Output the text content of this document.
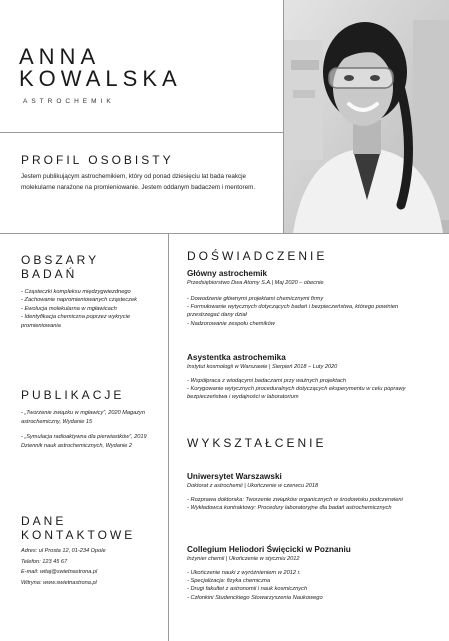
ANNA
KOWALSKA
ASTROCHEMIK
PROFIL OSOBISTY
Jestem publikującym astrochemikiem, który od ponad dziesięciu lat bada reakcje molekularne narażone na promieniowanie. Jestem oddanym badaczem i mentorem.
OBSZARY
BADAŃ
- Cząsteczki kompleksu międzygwiezdnego
- Zachowanie napromieniowanych cząsteczek
- Ewolucja molekularna w mgławicach
- Identyfikacja chemiczna poprzez wykrycie promieniowania
PUBLIKACJE
- „Tworzenie związku w mgławicy”, 2020 Magazyn astrochemiczny, Wydanie 15
- „Symulacja radioaktywna dla pierwiastków”, 2019 Dziennik nauk astrochemicznych, Wydanie 2
DANE
KONTAKTOWE
Adres: ul Prosta 12, 01-234 Opole
Telefon: 123 45 67
E-mail: witaj@swietnastrona.pl
Witryna: www.swietnastrona.pl
DOŚWIADCZENIE
Główny astrochemik
Przedsiębiorstwo Dwa Atomy S.A.| Maj 2020 – obecnie
- Dowodzenie głównymi projektami chemicznymi firmy
- Formułowanie wytycznych dotyczących badań i bezpieczeństwa, którego powinien przestrzegać dany dział
- Nadzorowanie zespołu chemików
Asystentka astrochemika
Instytut kosmologii w Warszawie | Sierpień 2018 – Luty 2020
- Współpraca z wiodącymi badaczami przy ważnych projektach
- Korygowanie wytycznych proceduralnych dotyczących eksperymentu w celu poprawy bezpieczeństwa i wydajności w laboratorium
WYKSZTAŁCENIE
Uniwersytet Warszawski
Doktorat z astrochemii | Ukończenie w czerwcu 2018
- Rozprawa doktorska: Tworzenie związków organicznych w środowisku podczerwieni
- Wykładowca kontraktowy: Procedury laboratoryjne dla badań astrochemicznych
Collegium Heliodori Święcicki w Poznaniu
Inżynier chemii | Ukończenie w styczniu 2012
- Ukończenie nauki z wyróżnieniem w 2012 r.
- Specjalizacja: fizyka chemiczna
- Drugi fakultet z astronomii i nauk kosmicznych
- Członkini Studenckiego Stowarzyszenia Naukowego
